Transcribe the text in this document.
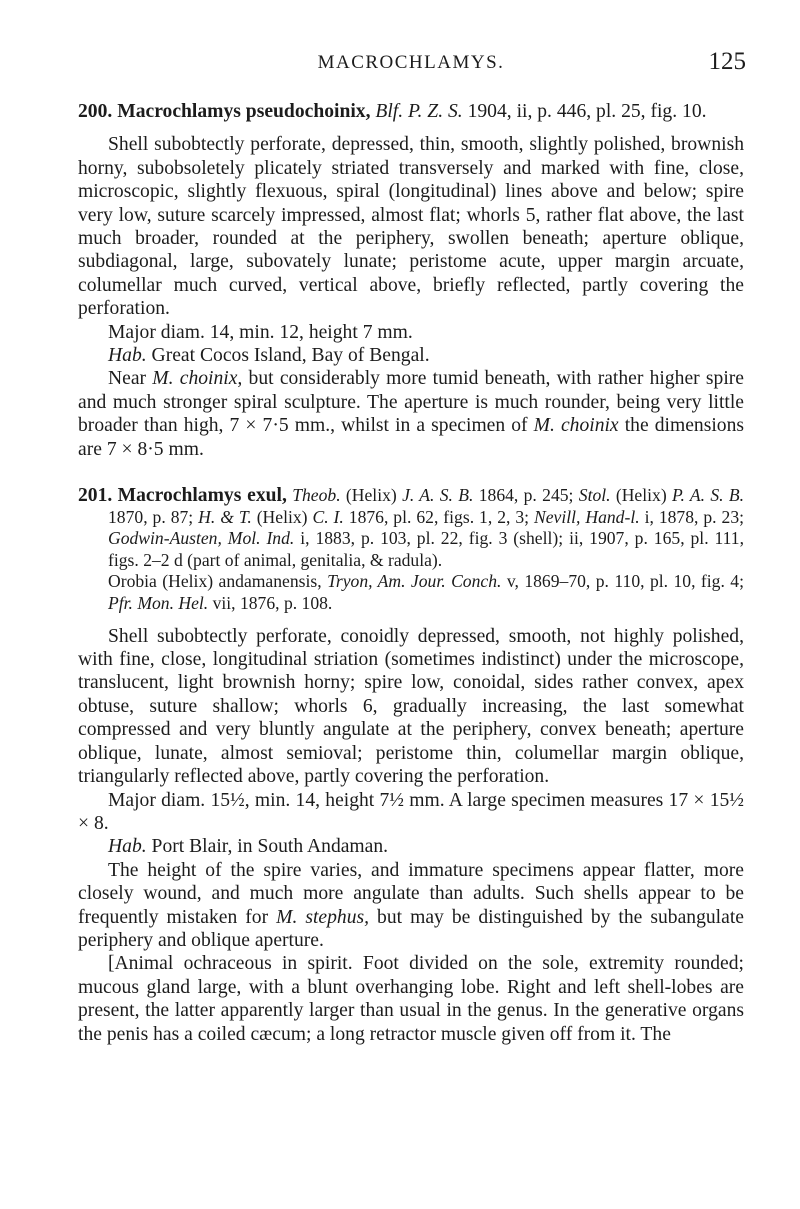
MACROCHLAMYS.	125

200. Macrochlamys pseudochoinix, Blf. P. Z. S. 1904, ii, p. 446, pl. 25, fig. 10.

Shell subobtectly perforate, depressed, thin, smooth, slightly polished, brownish horny, subobsoletely plicately striated transversely and marked with fine, close, microscopic, slightly flexuous, spiral (longitudinal) lines above and below; spire very low, suture scarcely impressed, almost flat; whorls 5, rather flat above, the last much broader, rounded at the periphery, swollen beneath; aperture oblique, subdiagonal, large, subovately lunate; peristome acute, upper margin arcuate, columellar much curved, vertical above, briefly reflected, partly covering the perforation.

Major diam. 14, min. 12, height 7 mm.

Hab. Great Cocos Island, Bay of Bengal.

Near M. choinix, but considerably more tumid beneath, with rather higher spire and much stronger spiral sculpture. The aperture is much rounder, being very little broader than high, 7 × 7·5 mm., whilst in a specimen of M. choinix the dimensions are 7 × 8·5 mm.

201. Macrochlamys exul, Theob. (Helix) J. A. S. B. 1864, p. 245; Stol. (Helix) P. A. S. B. 1870, p. 87; H. & T. (Helix) C. I. 1876, pl. 62, figs. 1, 2, 3; Nevill, Hand-l. i, 1878, p. 23; Godwin-Austen, Mol. Ind. i, 1883, p. 103, pl. 22, fig. 3 (shell); ii, 1907, p. 165, pl. 111, figs. 2–2 d (part of animal, genitalia, & radula).

Orobia (Helix) andamanensis, Tryon, Am. Jour. Conch. v, 1869–70, p. 110, pl. 10, fig. 4; Pfr. Mon. Hel. vii, 1876, p. 108.

Shell subobtectly perforate, conoidly depressed, smooth, not highly polished, with fine, close, longitudinal striation (sometimes indistinct) under the microscope, translucent, light brownish horny; spire low, conoidal, sides rather convex, apex obtuse, suture shallow; whorls 6, gradually increasing, the last somewhat compressed and very bluntly angulate at the periphery, convex beneath; aperture oblique, lunate, almost semioval; peristome thin, columellar margin oblique, triangularly reflected above, partly covering the perforation.

Major diam. 15½, min. 14, height 7½ mm. A large specimen measures 17 × 15½ × 8.

Hab. Port Blair, in South Andaman.

The height of the spire varies, and immature specimens appear flatter, more closely wound, and much more angulate than adults. Such shells appear to be frequently mistaken for M. stephus, but may be distinguished by the subangulate periphery and oblique aperture.

[Animal ochraceous in spirit. Foot divided on the sole, extremity rounded; mucous gland large, with a blunt overhanging lobe. Right and left shell-lobes are present, the latter apparently larger than usual in the genus. In the generative organs the penis has a coiled cæcum; a long retractor muscle given off from it. The
